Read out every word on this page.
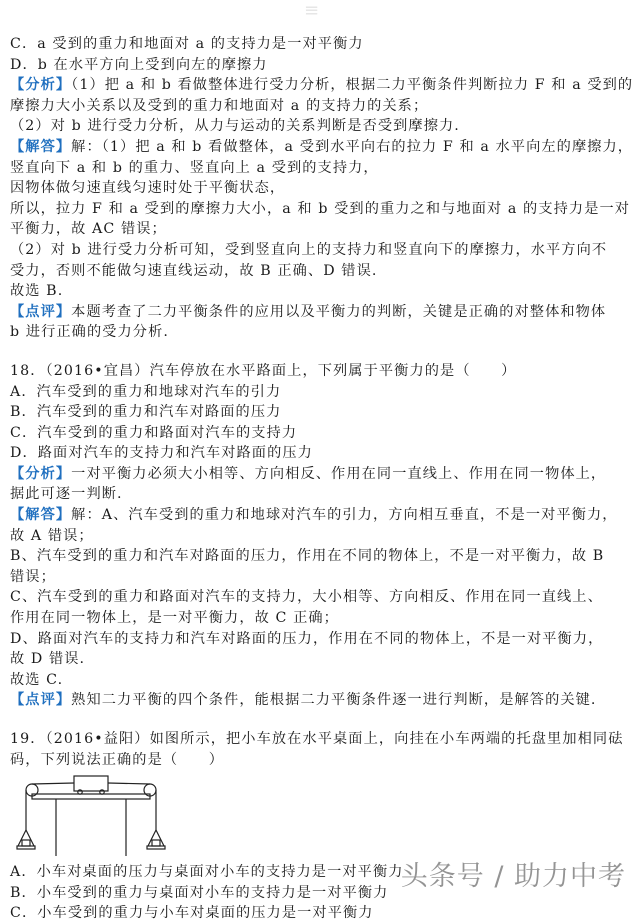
≡
C．a 受到的重力和地面对 a 的支持力是一对平衡力
D．b 在水平方向上受到向左的摩擦力
【分析】（1）把 a 和 b 看做整体进行受力分析，根据二力平衡条件判断拉力 F 和 a 受到的
摩擦力大小关系以及受到的重力和地面对 a 的支持力的关系；
（2）对 b 进行受力分析，从力与运动的关系判断是否受到摩擦力.
【解答】解：（1）把 a 和 b 看做整体，a 受到水平向右的拉力 F 和 a 水平向左的摩擦力，
竖直向下 a 和 b 的重力、竖直向上 a 受到的支持力，
因物体做匀速直线匀速时处于平衡状态，
所以，拉力 F 和 a 受到的摩擦力大小，a 和 b 受到的重力之和与地面对 a 的支持力是一对
平衡力，故 AC 错误；
（2）对 b 进行受力分析可知，受到竖直向上的支持力和竖直向下的摩擦力，水平方向不
受力，否则不能做匀速直线运动，故 B 正确、D 错误.
故选 B.
【点评】本题考查了二力平衡条件的应用以及平衡力的判断，关键是正确的对整体和物体
b 进行正确的受力分析.
18．（2016•宜昌）汽车停放在水平路面上，下列属于平衡力的是（　　）
A．汽车受到的重力和地球对汽车的引力
B．汽车受到的重力和汽车对路面的压力
C．汽车受到的重力和路面对汽车的支持力
D．路面对汽车的支持力和汽车对路面的压力
【分析】一对平衡力必须大小相等、方向相反、作用在同一直线上、作用在同一物体上，
据此可逐一判断.
【解答】解：A、汽车受到的重力和地球对汽车的引力，方向相互垂直，不是一对平衡力，
故 A 错误；
B、汽车受到的重力和汽车对路面的压力，作用在不同的物体上，不是一对平衡力，故 B
错误；
C、汽车受到的重力和路面对汽车的支持力，大小相等、方向相反、作用在同一直线上、
作用在同一物体上，是一对平衡力，故 C 正确；
D、路面对汽车的支持力和汽车对路面的压力，作用在不同的物体上，不是一对平衡力，
故 D 错误.
故选 C.
【点评】熟知二力平衡的四个条件，能根据二力平衡条件逐一进行判断，是解答的关键.
19．（2016•益阳）如图所示，把小车放在水平桌面上，向挂在小车两端的托盘里加相同砝
码，下列说法正确的是（　　）
A．小车对桌面的压力与桌面对小车的支持力是一对平衡力
B．小车受到的重力与桌面对小车的支持力是一对平衡力
C．小车受到的重力与小车对桌面的压力是一对平衡力
头条号 / 助力中考
